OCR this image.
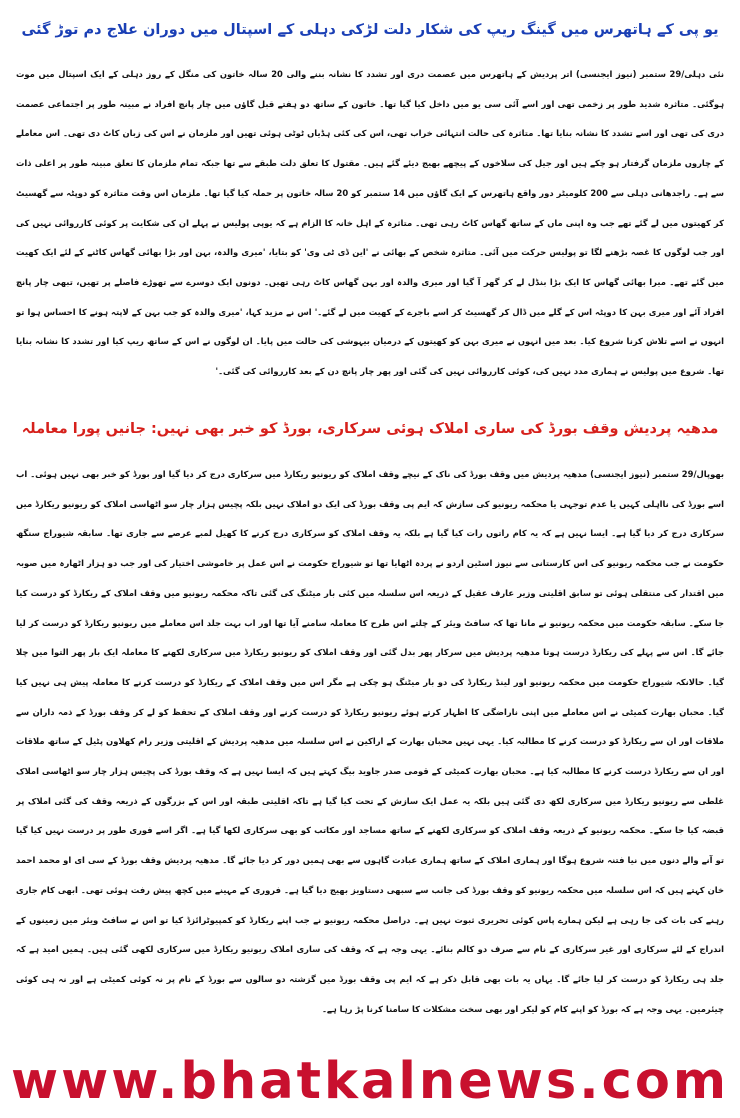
یو پی کے ہاتھرس میں گینگ ریپ کی شکار دلت لڑکی دہلی کے اسپتال میں دوران علاج دم توڑ گئی

نئی دہلی/29 ستمبر (نیوز ایجنسی) اتر پردیش کے ہاتھرس میں عصمت دری اور تشدد کا نشانہ بننے والی 20 سالہ خاتون کی منگل کے روز دہلی کے ایک اسپتال میں موت ہوگئی۔ متاثرہ شدید طور پر زخمی تھی اور اسے آئی سی یو میں داخل کیا گیا تھا۔ خاتون کے ساتھ دو ہفتے قبل گاؤں میں چار پانچ افراد نے مبینہ طور پر اجتماعی عصمت دری کی تھی اور اسے تشدد کا نشانہ بنایا تھا۔ متاثرہ کی حالت انتہائی خراب تھی، اس کی کئی ہڈیاں ٹوٹی ہوئی تھیں اور ملزمان نے اس کی زبان کاٹ دی تھی۔ اس معاملے کے چاروں ملزمان گرفتار ہو چکے ہیں اور جیل کی سلاخوں کے پیچھے بھیج دیئے گئے ہیں۔ مقتول کا تعلق دلت طبقے سے تھا جبکہ تمام ملزمان کا تعلق مبینہ طور پر اعلی ذات سے ہے۔ راجدھانی دہلی سے 200 کلومیٹر دور واقع ہاتھرس کے ایک گاؤں میں 14 ستمبر کو 20 سالہ خاتون پر حملہ کیا گیا تھا۔ ملزمان اس وقت متاثرہ کو دوپٹہ سے گھسیٹ کر کھیتوں میں لے گئے تھے جب وہ اپنی ماں کے ساتھ گھاس کاٹ رہی تھی۔ متاثرہ کے اہل خانہ کا الزام ہے کہ یوپی پولیس نے پہلے ان کی شکایت پر کوئی کارروائی نہیں کی اور جب لوگوں کا غصہ بڑھنے لگا تو پولیس حرکت میں آئی۔ متاثرہ شخص کے بھائی نے 'این ڈی ٹی وی' کو بتایا، 'میری والدہ، بہن اور بڑا بھائی گھاس کاٹنے کے لئے ایک کھیت میں گئے تھے۔ میرا بھائی گھاس کا ایک بڑا بنڈل لے کر گھر آ گیا اور میری والدہ اور بہن گھاس کاٹ رہی تھیں۔ دونوں ایک دوسرے سے تھوڑے فاصلے پر تھیں، تبھی چار پانچ افراد آئے اور میری بہن کا دوپٹہ اس کے گلے میں ڈال کر گھسیٹ کر اسے باجرے کے کھیت میں لے گئے۔' اس نے مزید کہا، 'میری والدہ کو جب بہن کے لاپتہ ہونے کا احساس ہوا تو انہوں نے اسے تلاش کرنا شروع کیا۔ بعد میں انہوں نے میری بہن کو کھیتوں کے درمیان بیہوشی کی حالت میں پایا۔ ان لوگوں نے اس کے ساتھ ریپ کیا اور تشدد کا نشانہ بنایا تھا۔ شروع میں پولیس نے ہماری مدد نہیں کی، کوئی کارروائی نہیں کی گئی اور پھر چار پانچ دن کے بعد کارروائی کی گئی۔'

مدھیہ پردیش وقف بورڈ کی ساری املاک ہوئی سرکاری، بورڈ کو خبر بھی نہیں: جانیں پورا معاملہ

بھوپال/29 ستمبر (نیوز ایجنسی) مدھیہ پردیش میں وقف بورڈ کی ناک کے نیچے وقف املاک کو ریونیو ریکارڈ میں سرکاری درج کر دیا گیا اور بورڈ کو خبر بھی نہیں ہوئی۔ اب اسے بورڈ کی نااہلی کہیں یا عدم توجہی یا محکمہ ریونیو کی سازش کہ ایم پی وقف بورڈ کی ایک دو املاک نہیں بلکہ پچیس ہزار چار سو اٹھاسی املاک کو ریونیو ریکارڈ میں سرکاری درج کر دیا گیا ہے۔ ایسا نہیں ہے کہ یہ کام راتوں رات کیا گیا ہے بلکہ یہ وقف املاک کو سرکاری درج کرنے کا کھیل لمبے عرصے سے جاری تھا۔ سابقہ شیوراج سنگھ حکومت نے جب محکمہ ریونیو کی اس کارستانی سے نیوز اسٹین اردو نے پردہ اٹھایا تھا تو شیوراج حکومت نے اس عمل پر خاموشی اختیار کی اور جب دو ہزار اٹھارہ میں صوبہ میں اقتدار کی منتقلی ہوئی تو سابق اقلیتی وزیر عارف عقیل کے ذریعہ اس سلسلہ میں کئی بار میٹنگ کی گئی تاکہ محکمہ ریونیو میں وقف املاک کے ریکارڈ کو درست کیا جا سکے۔ سابقہ حکومت میں محکمہ ریونیو نے مانا تھا کہ سافٹ ویئر کے چلتے اس طرح کا معاملہ سامنے آیا تھا اور اب بہت جلد اس معاملے میں ریونیو ریکارڈ کو درست کر لیا جائے گا۔ اس سے پہلے کی ریکارڈ درست ہوتا مدھیہ پردیش میں سرکار پھر بدل گئی اور وقف املاک کو ریونیو ریکارڈ میں سرکاری لکھنے کا معاملہ ایک بار پھر التوا میں چلا گیا۔ حالانکہ شیوراج حکومت میں محکمہ ریونیو اور لینڈ ریکارڈ کی دو بار میٹنگ ہو چکی ہے مگر اس میں وقف املاک کے ریکارڈ کو درست کرنے کا معاملہ پیش ہی نہیں کیا گیا۔ محبان بھارت کمیٹی نے اس معاملے میں اپنی ناراضگی کا اظہار کرتے ہوئے ریونیو ریکارڈ کو درست کرنے اور وقف املاک کے تحفظ کو لے کر وقف بورڈ کے ذمہ داران سے ملاقات اور ان سے ریکارڈ کو درست کرنے کا مطالبہ کیا۔ یہی نہیں محبان بھارت کے اراکین نے اس سلسلہ میں مدھیہ پردیش کے اقلیتی وزیر رام کھلاون پٹیل کے ساتھ ملاقات اور ان سے ریکارڈ درست کرنے کا مطالبہ کیا ہے۔ محبان بھارت کمیٹی کے قومی صدر جاوید بیگ کہتے ہیں کہ ایسا نہیں ہے کہ وقف بورڈ کی پچیس ہزار چار سو اٹھاسی املاک غلطی سے ریونیو ریکارڈ میں سرکاری لکھ دی گئی ہیں بلکہ یہ عمل ایک سازش کے تحت کیا گیا ہے تاکہ اقلیتی طبقہ اور اس کے بزرگوں کے ذریعہ وقف کی گئی املاک پر قبضہ کیا جا سکے۔ محکمہ ریونیو کے ذریعہ وقف املاک کو سرکاری لکھنے کے ساتھ مساجد اور مکاتب کو بھی سرکاری لکھا گیا ہے۔ اگر اسے فوری طور پر درست نہیں کیا گیا تو آنے والے دنوں میں نیا فتنہ شروع ہوگا اور ہماری املاک کے ساتھ ہماری عبادت گاہوں سے بھی ہمیں دور کر دیا جائے گا۔ مدھیہ پردیش وقف بورڈ کے سی ای او محمد احمد خان کہتے ہیں کہ اس سلسلہ میں محکمہ ریونیو کو وقف بورڈ کی جانب سے سبھی دستاویز بھیج دیا گیا ہے۔ فروری کے مہینے میں کچھ پیش رفت ہوئی تھی۔ ابھی کام جاری رہنے کی بات کی جا رہی ہے لیکن ہمارے پاس کوئی تحریری ثبوت نہیں ہے۔ دراصل محکمہ ریونیو نے جب اپنے ریکارڈ کو کمپیوٹرائزڈ کیا تو اس نے سافٹ ویئر میں زمینوں کے اندراج کے لئے سرکاری اور غیر سرکاری کے نام سے صرف دو کالم بنائے۔ یہی وجہ ہے کہ وقف کی ساری املاک ریونیو ریکارڈ میں سرکاری لکھی گئی ہیں۔ ہمیں امید ہے کہ جلد ہی ریکارڈ کو درست کر لیا جائے گا۔ یہاں یہ بات بھی قابل ذکر ہے کہ ایم پی وقف بورڈ میں گزشتہ دو سالوں سے بورڈ کے نام پر نہ کوئی کمیٹی ہے اور نہ ہی کوئی چیئرمین۔ یہی وجہ ہے کہ بورڈ کو اپنے کام کو لیکر اور بھی سخت مشکلات کا سامنا کرنا پڑ رہا ہے۔

www.bhatkalnews.com
